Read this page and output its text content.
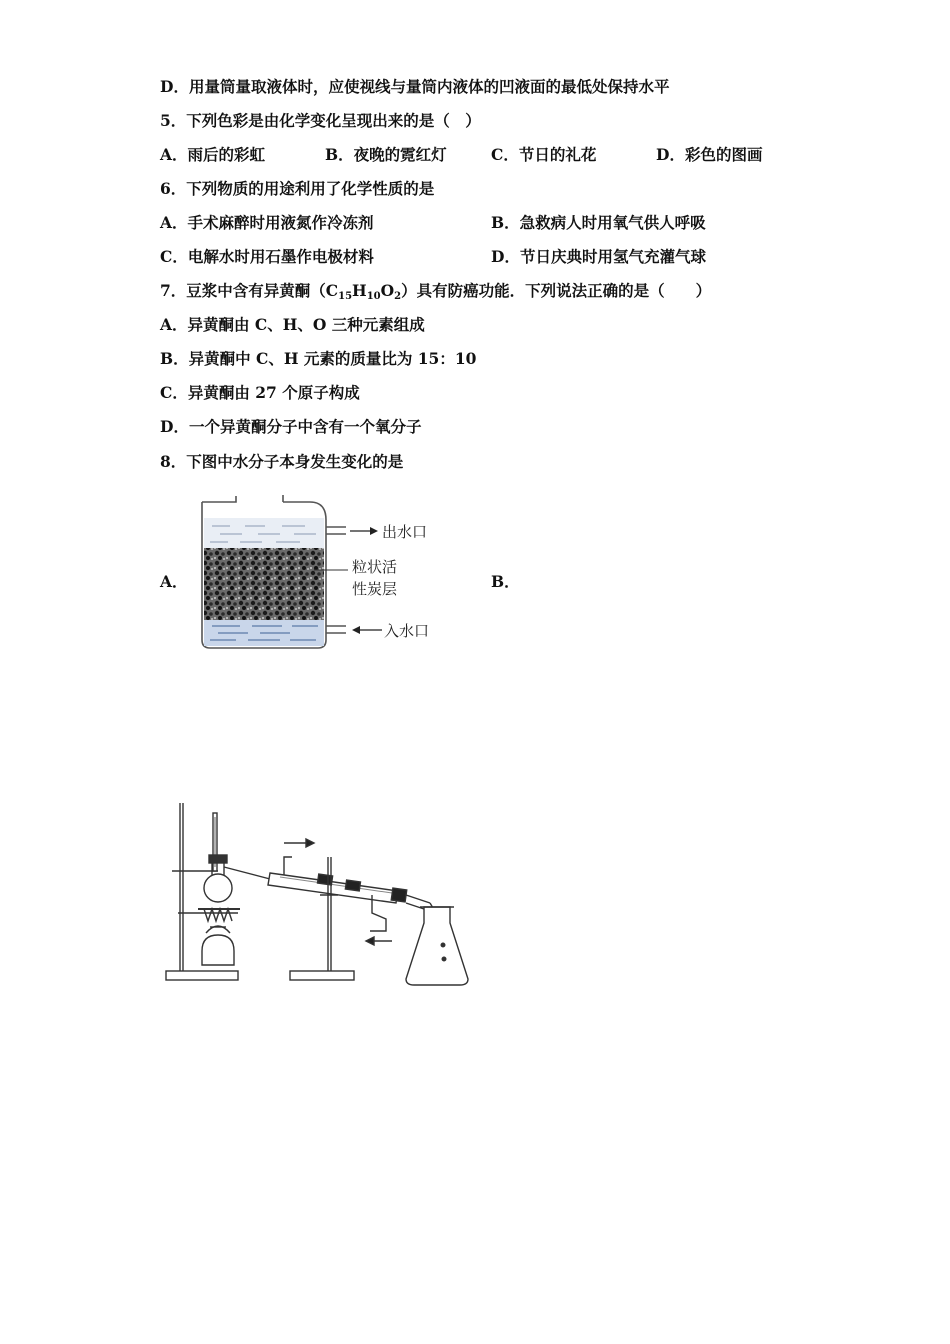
D．用量筒量取液体时，应使视线与量筒内液体的凹液面的最低处保持水平
5．下列色彩是由化学变化呈现出来的是（　）
A．雨后的彩虹	B．夜晚的霓红灯	C．节日的礼花	D．彩色的图画
6．下列物质的用途利用了化学性质的是
A．手术麻醉时用液氮作冷冻剂	B．急救病人时用氧气供人呼吸
C．电解水时用石墨作电极材料	D．节日庆典时用氢气充灌气球
7．豆浆中含有异黄酮$(C_{15}H_{10}O_2)$具有防癌功能．下列说法正确的是（　　）
A．异黄酮由 C、H、O 三种元素组成
B．异黄酮中 C、H 元素的质量比为 15：10
C．异黄酮由 27 个原子构成
D．一个异黄酮分子中含有一个氧分子
8．下图中水分子本身发生变化的是
A．	B．
出水口
粒状活
性炭层
入水口
